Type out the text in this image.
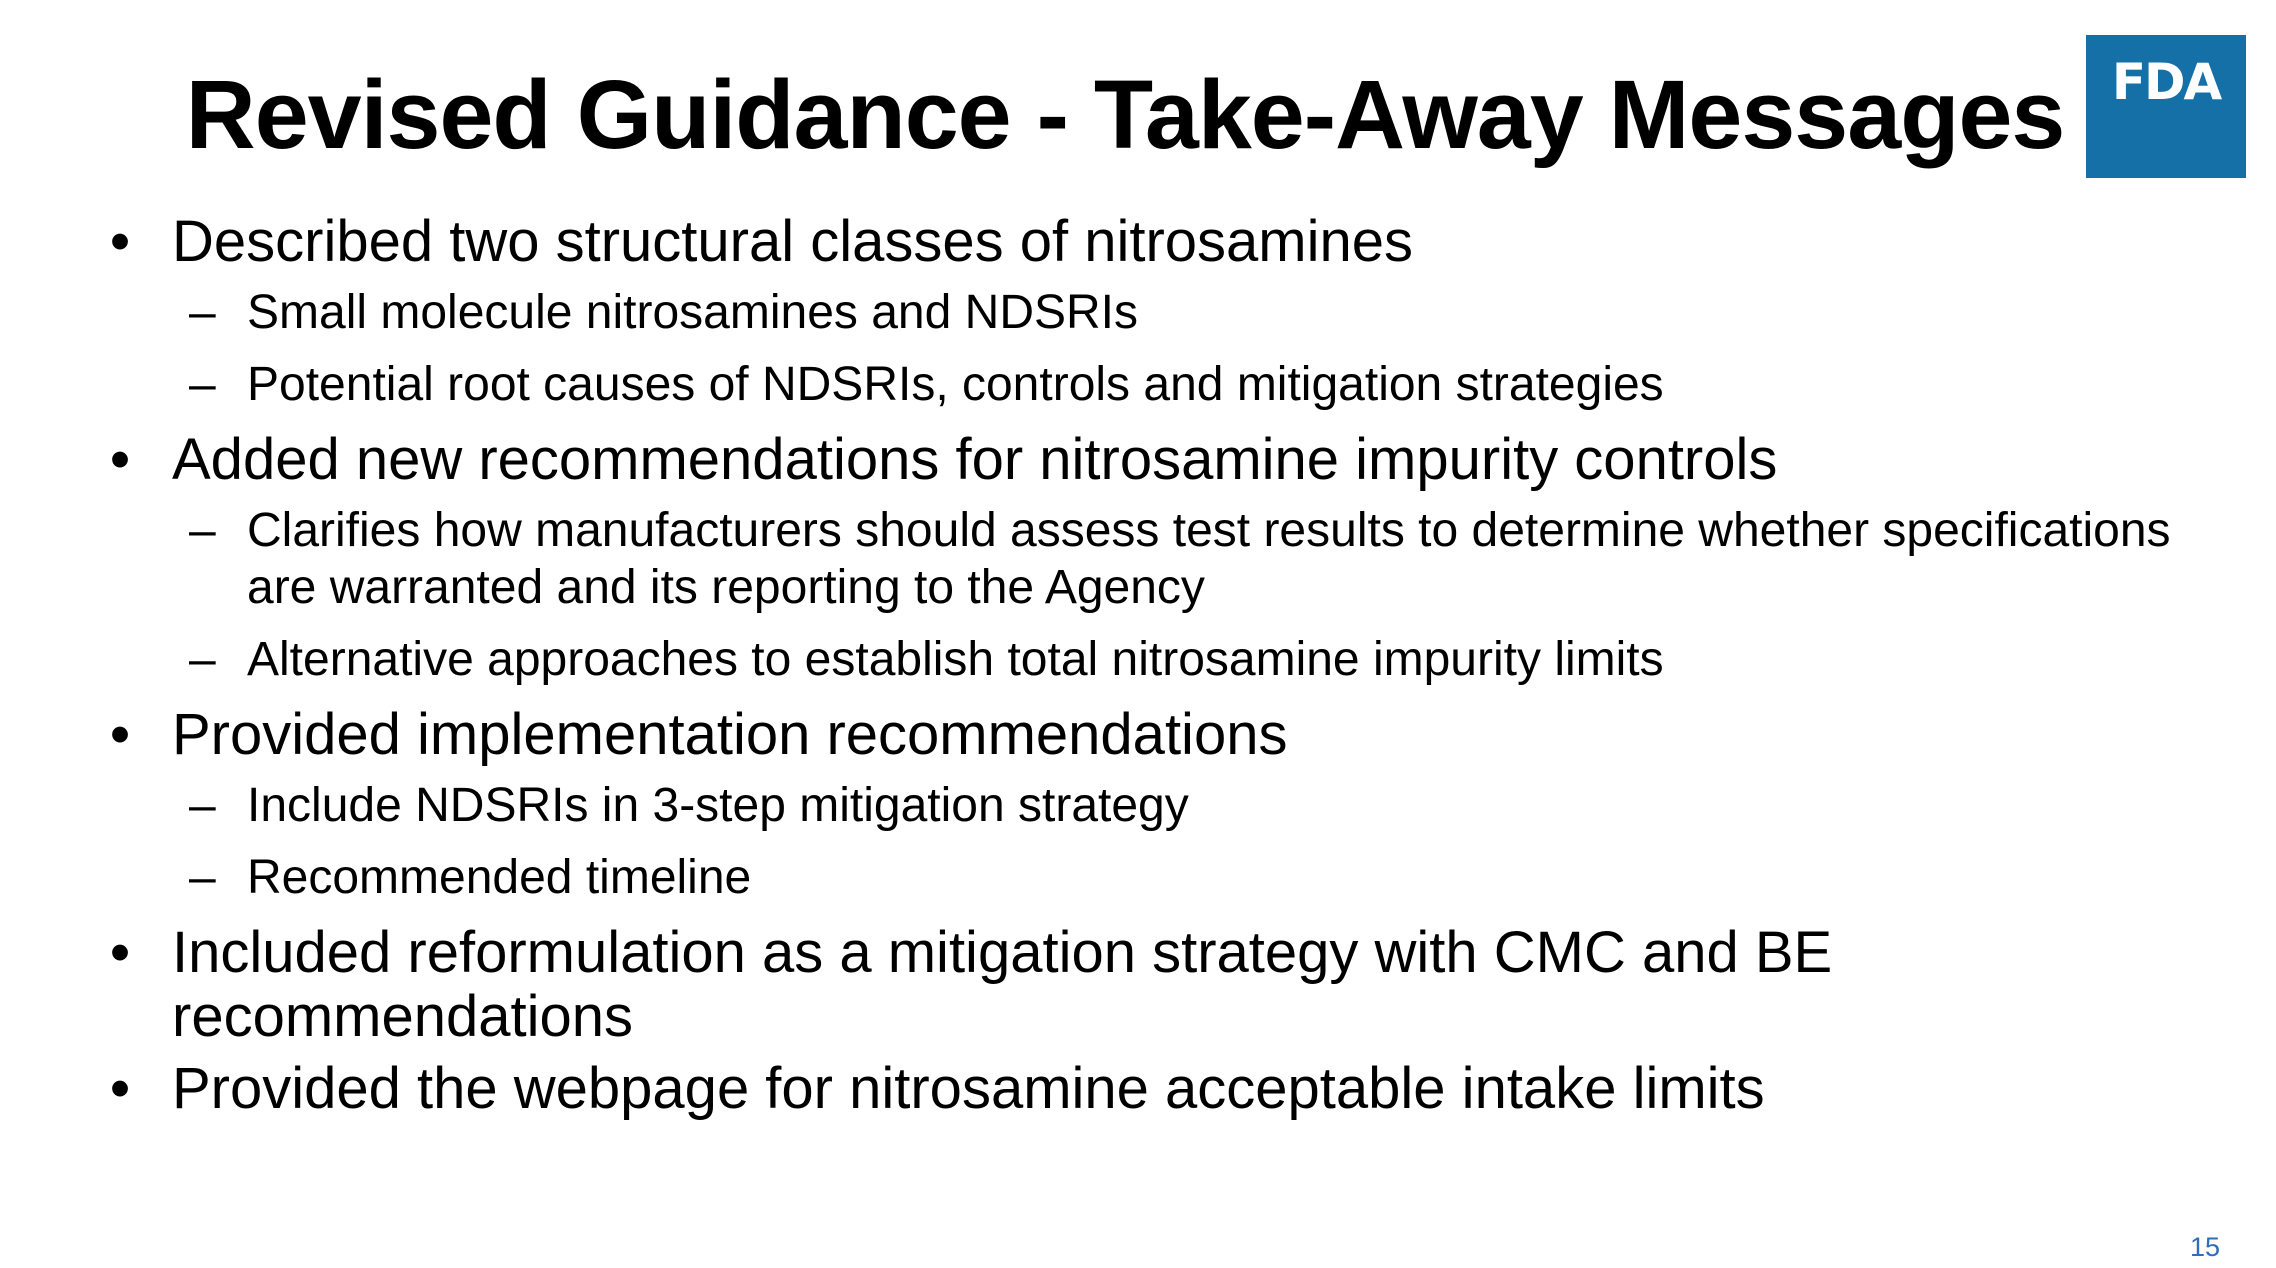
Revised Guidance - Take-Away Messages FDA
• Described two structural classes of nitrosamines
– Small molecule nitrosamines and NDSRIs
– Potential root causes of NDSRIs, controls and mitigation strategies
• Added new recommendations for nitrosamine impurity controls
– Clarifies how manufacturers should assess test results to determine whether specifications are warranted and its reporting to the Agency
– Alternative approaches to establish total nitrosamine impurity limits
• Provided implementation recommendations
– Include NDSRIs in 3-step mitigation strategy
– Recommended timeline
• Included reformulation as a mitigation strategy with CMC and BE recommendations
• Provided the webpage for nitrosamine acceptable intake limits
15
